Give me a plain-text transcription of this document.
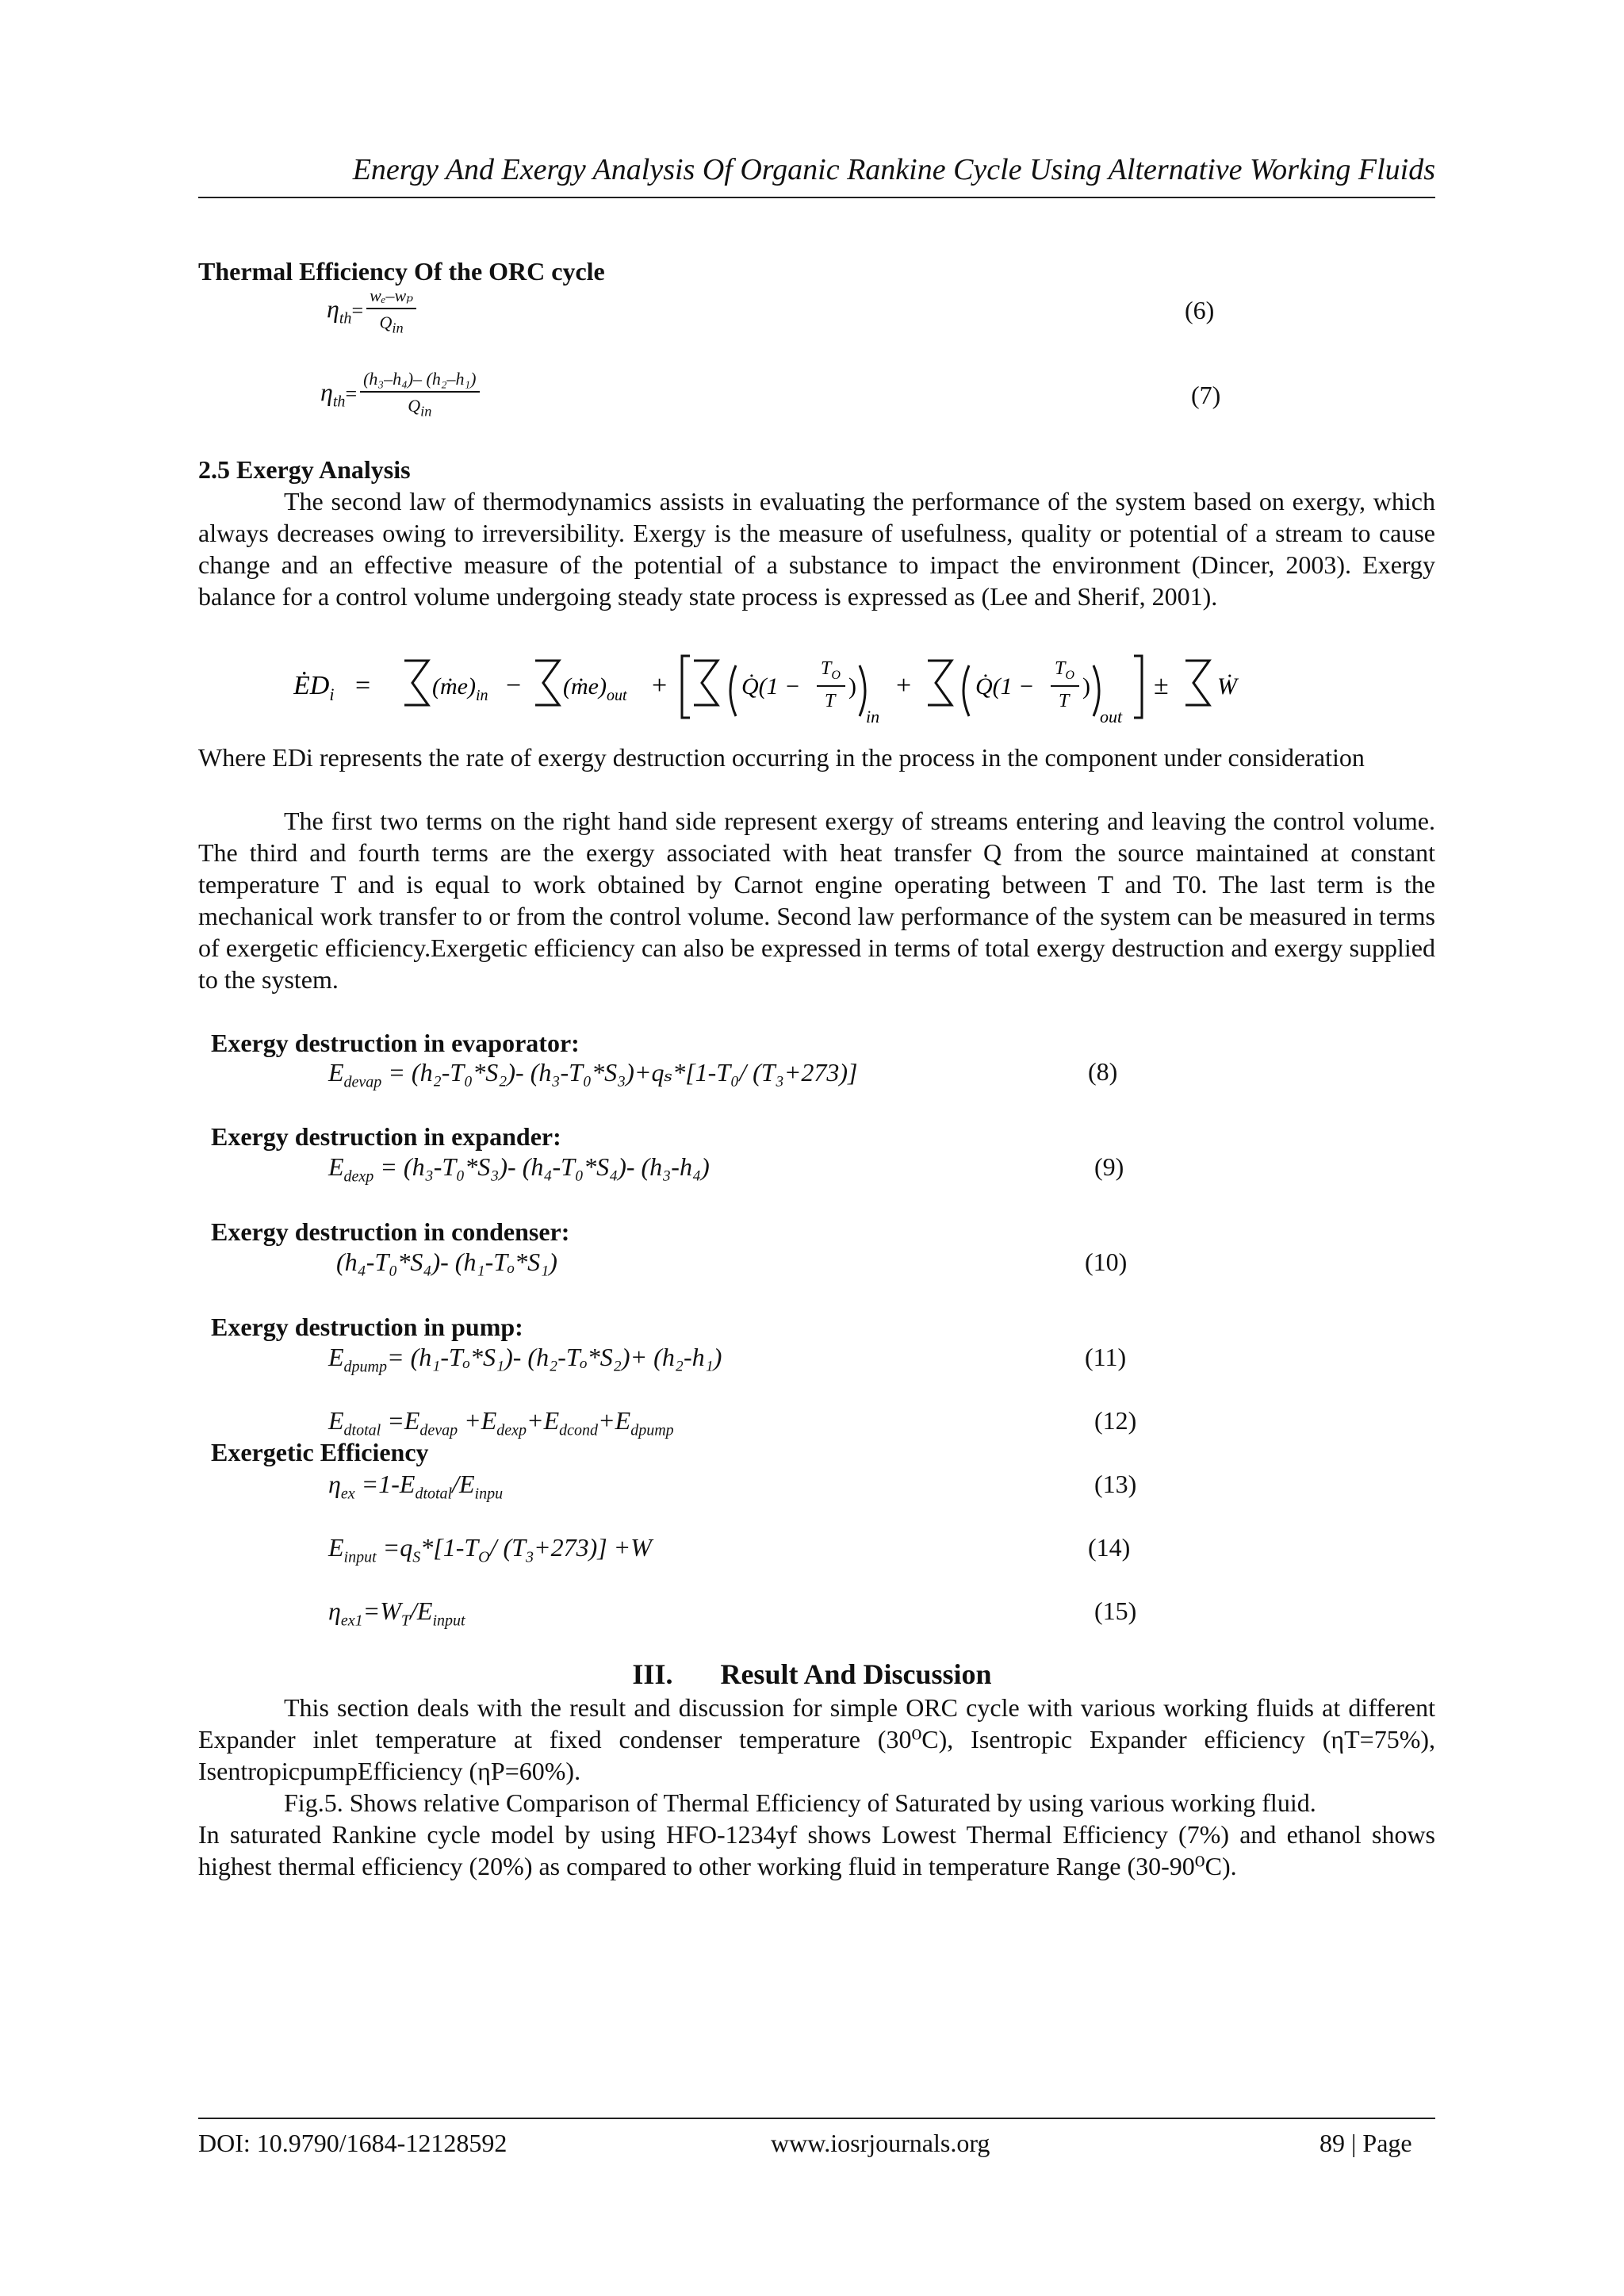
Energy And Exergy Analysis Of Organic Rankine Cycle Using Alternative Working Fluids
Thermal Efficiency Of the ORC cycle
$\eta_{th} = \frac{\text{wₑ–wₚ}}{Q_{in}}$	(6)
$\eta_{th} = \frac{\text{(h₃–h₄)– (h₂–h₁)}}{Q_{in}}$	(7)
2.5 Exergy Analysis
The second law of thermodynamics assists in evaluating the performance of the system based on exergy, which always decreases owing to irreversibility. Exergy is the measure of usefulness, quality or potential of a stream to cause change and an effective measure of the potential of a substance to impact the environment (Dincer, 2003). Exergy balance for a control volume undergoing steady state process is expressed as (Lee and Sherif, 2001).
$ĖD_i$ =	$(ṁe)_{in}$ − $(ṁe)_{out}$ +	Q̇(1 −
$T_O$
T
)
in
+	Q̇(1 −
$T_O$
T
)
out
± Ẇ
Where EDi represents the rate of exergy destruction occurring in the process in the component under consideration
The first two terms on the right hand side represent exergy of streams entering and leaving the control volume. The third and fourth terms are the exergy associated with heat transfer Q from the source maintained at constant temperature T and is equal to work obtained by Carnot engine operating between T and T0. The last term is the mechanical work transfer to or from the control volume. Second law performance of the system can be measured in terms of exergetic efficiency.Exergetic efficiency can also be expressed in terms of total exergy destruction and exergy supplied to the system.
Exergy destruction in evaporator:
$E_{devap} = (h_2-T_0*S_2)-$ (h₃-T₀*S₃)+qₛ*[1-T₀/ (T₃+273)]	(8)
Exergy destruction in expander:
$E_{dexp} = (h_3-T_0*S_3)-$ (h₄-T₀*S₄)- (h₃-h₄)	(9)
Exergy destruction in condenser:
(h₄-T₀*S₄)- (h₁-Tₒ*S₁)	(10)
Exergy destruction in pump:
$E_{dpump}= (h_1-T_o*S_1)-$ (h₂-Tₒ*S₂)+ (h₂-h₁)	(11)
$E_{dtotal} =E_{devap} +E_{dexp}+E_{dcond}+E_{dpump}$	(12)
Exergetic Efficiency
$\eta_{ex} =1-E_{dtotal}/E_{inpu}$	(13)
$E_{input} =q_S*[1-T_O/$ $(T_3+273)] +W$	(14)
$\eta_{ex1}=W_T/E_{input}$	(15)
III. Result And Discussion
This section deals with the result and discussion for simple ORC cycle with various working fluids at different Expander inlet temperature at fixed condenser temperature (30⁰C), Isentropic Expander efficiency (ηT=75%), IsentropicpumpEfficiency (ηP=60%).
Fig.5. Shows relative Comparison of Thermal Efficiency of Saturated by using various working fluid.
In saturated Rankine cycle model by using HFO-1234yf shows Lowest Thermal Efficiency (7%) and ethanol shows highest thermal efficiency (20%) as compared to other working fluid in temperature Range (30-90⁰C).
DOI: 10.9790/1684-12128592	www.iosrjournals.org	89 | Page
